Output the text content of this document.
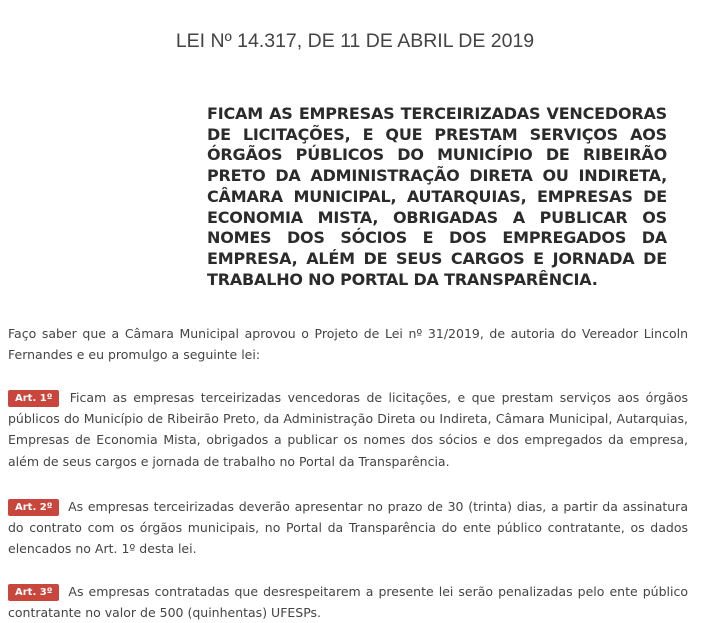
LEI Nº 14.317, DE 11 DE ABRIL DE 2019
FICAM AS EMPRESAS TERCEIRIZADAS VENCEDORAS DE LICITAÇÕES, E QUE PRESTAM SERVIÇOS AOS ÓRGÃOS PÚBLICOS DO MUNICÍPIO DE RIBEIRÃO PRETO DA ADMINISTRAÇÃO DIRETA OU INDIRETA, CÂMARA MUNICIPAL, AUTARQUIAS, EMPRESAS DE ECONOMIA MISTA, OBRIGADAS A PUBLICAR OS NOMES DOS SÓCIOS E DOS EMPREGADOS DA EMPRESA, ALÉM DE SEUS CARGOS E JORNADA DE TRABALHO NO PORTAL DA TRANSPARÊNCIA.
Faço saber que a Câmara Municipal aprovou o Projeto de Lei nº 31/2019, de autoria do Vereador Lincoln Fernandes e eu promulgo a seguinte lei:
Art. 1º Ficam as empresas terceirizadas vencedoras de licitações, e que prestam serviços aos órgãos públicos do Município de Ribeirão Preto, da Administração Direta ou Indireta, Câmara Municipal, Autarquias, Empresas de Economia Mista, obrigados a publicar os nomes dos sócios e dos empregados da empresa, além de seus cargos e jornada de trabalho no Portal da Transparência.
Art. 2º As empresas terceirizadas deverão apresentar no prazo de 30 (trinta) dias, a partir da assinatura do contrato com os órgãos municipais, no Portal da Transparência do ente público contratante, os dados elencados no Art. 1º desta lei.
Art. 3º As empresas contratadas que desrespeitarem a presente lei serão penalizadas pelo ente público contratante no valor de 500 (quinhentas) UFESPs.
